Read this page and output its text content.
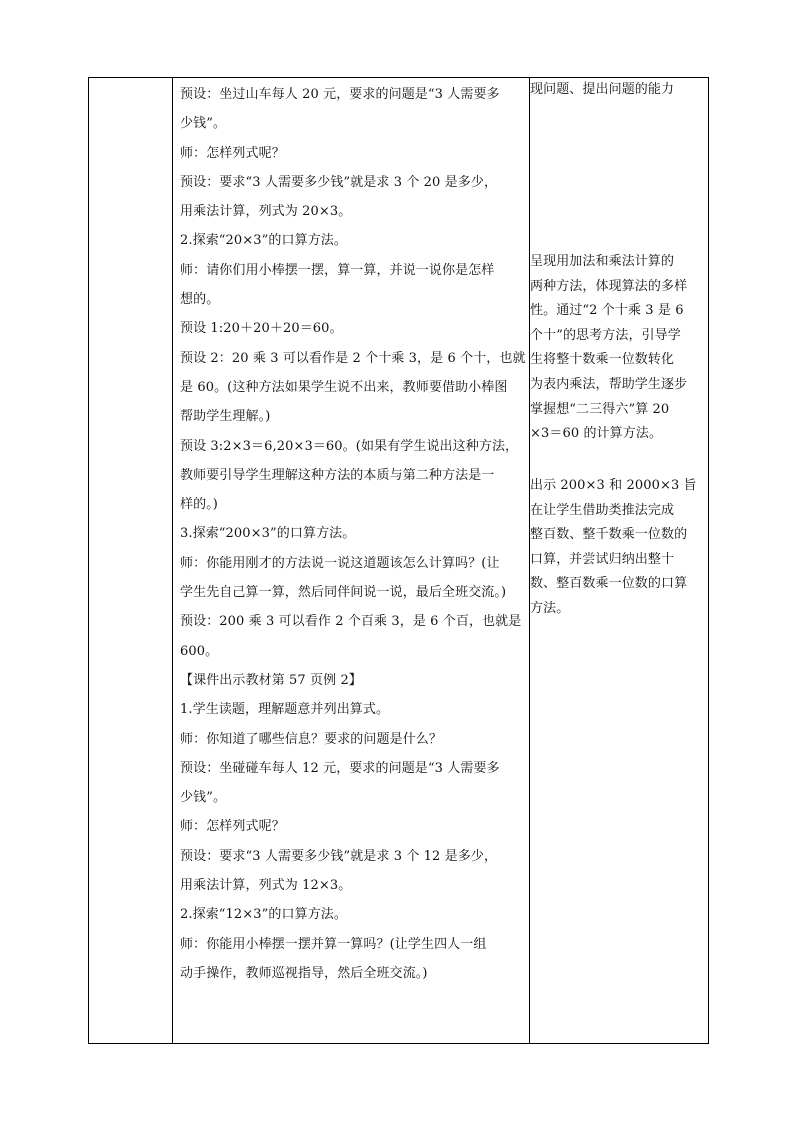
预设：坐过山车每人 20 元，要求的问题是“3 人需要多

少钱”。

师：怎样列式呢？

预设：要求“3 人需要多少钱”就是求 3 个 20 是多少，

用乘法计算，列式为 20×3。

2.探索“20×3”的口算方法。

师：请你们用小棒摆一摆，算一算，并说一说你是怎样

想的。

预设 1:20＋20＋20＝60。

预设 2：20 乘 3 可以看作是 2 个十乘 3，是 6 个十，也就

是 60。(这种方法如果学生说不出来，教师要借助小棒图

帮助学生理解。)

预设 3:2×3＝6,20×3＝60。(如果有学生说出这种方法，

教师要引导学生理解这种方法的本质与第二种方法是一

样的。)

3.探索“200×3”的口算方法。

师：你能用刚才的方法说一说这道题该怎么计算吗？(让

学生先自己算一算，然后同伴间说一说，最后全班交流。)

预设：200 乘 3 可以看作 2 个百乘 3，是 6 个百，也就是

600。

【课件出示教材第 57 页例 2】

1.学生读题，理解题意并列出算式。

师：你知道了哪些信息？要求的问题是什么？

预设：坐碰碰车每人 12 元，要求的问题是“3 人需要多

少钱”。

师：怎样列式呢？

预设：要求“3 人需要多少钱”就是求 3 个 12 是多少，

用乘法计算，列式为 12×3。

2.探索“12×3”的口算方法。

师：你能用小棒摆一摆并算一算吗？(让学生四人一组

动手操作，教师巡视指导，然后全班交流。)

现问题、提出问题的能力

呈现用加法和乘法计算的

两种方法，体现算法的多样

性。通过“2 个十乘 3 是 6

个十”的思考方法，引导学

生将整十数乘一位数转化

为表内乘法，帮助学生逐步

掌握想“二三得六”算 20

×3＝60 的计算方法。

出示 200×3 和 2000×3 旨

在让学生借助类推法完成

整百数、整千数乘一位数的

口算，并尝试归纳出整十

数、整百数乘一位数的口算

方法。
